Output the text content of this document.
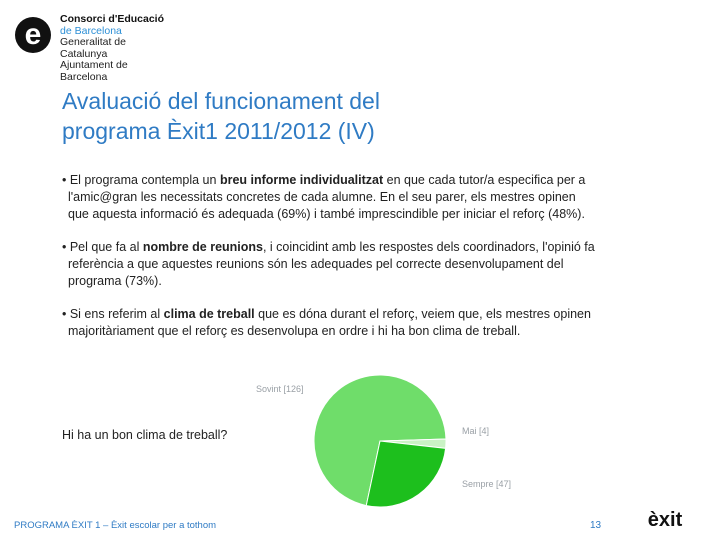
e Consorci d'Educació
de Barcelona
Generalitat de Catalunya
Ajuntament de Barcelona
Avaluació del funcionament del
programa Èxit1 2011/2012 (IV)
• El programa contempla un breu informe individualitzat en que cada tutor/a especifica per a
l'amic@gran les necessitats concretes de cada alumne. En el seu parer, els mestres opinen
que aquesta informació és adequada (69%) i també imprescindible per iniciar el reforç (48%).
• Pel que fa al nombre de reunions, i coincidint amb les respostes dels coordinadors, l'opinió fa
referència a que aquestes reunions són les adequades pel correcte desenvolupament del
programa (73%).
• Si ens referim al clima de treball que es dóna durant el reforç, veiem que, els mestres opinen
majoritàriament que el reforç es desenvolupa en ordre i hi ha bon clima de treball.
Hi ha un bon clima de treball?
Sovint [126]
Mai [4]
Sempre [47]
PROGRAMA ÈXIT 1 – Èxit escolar per a tothom	13 èxit
